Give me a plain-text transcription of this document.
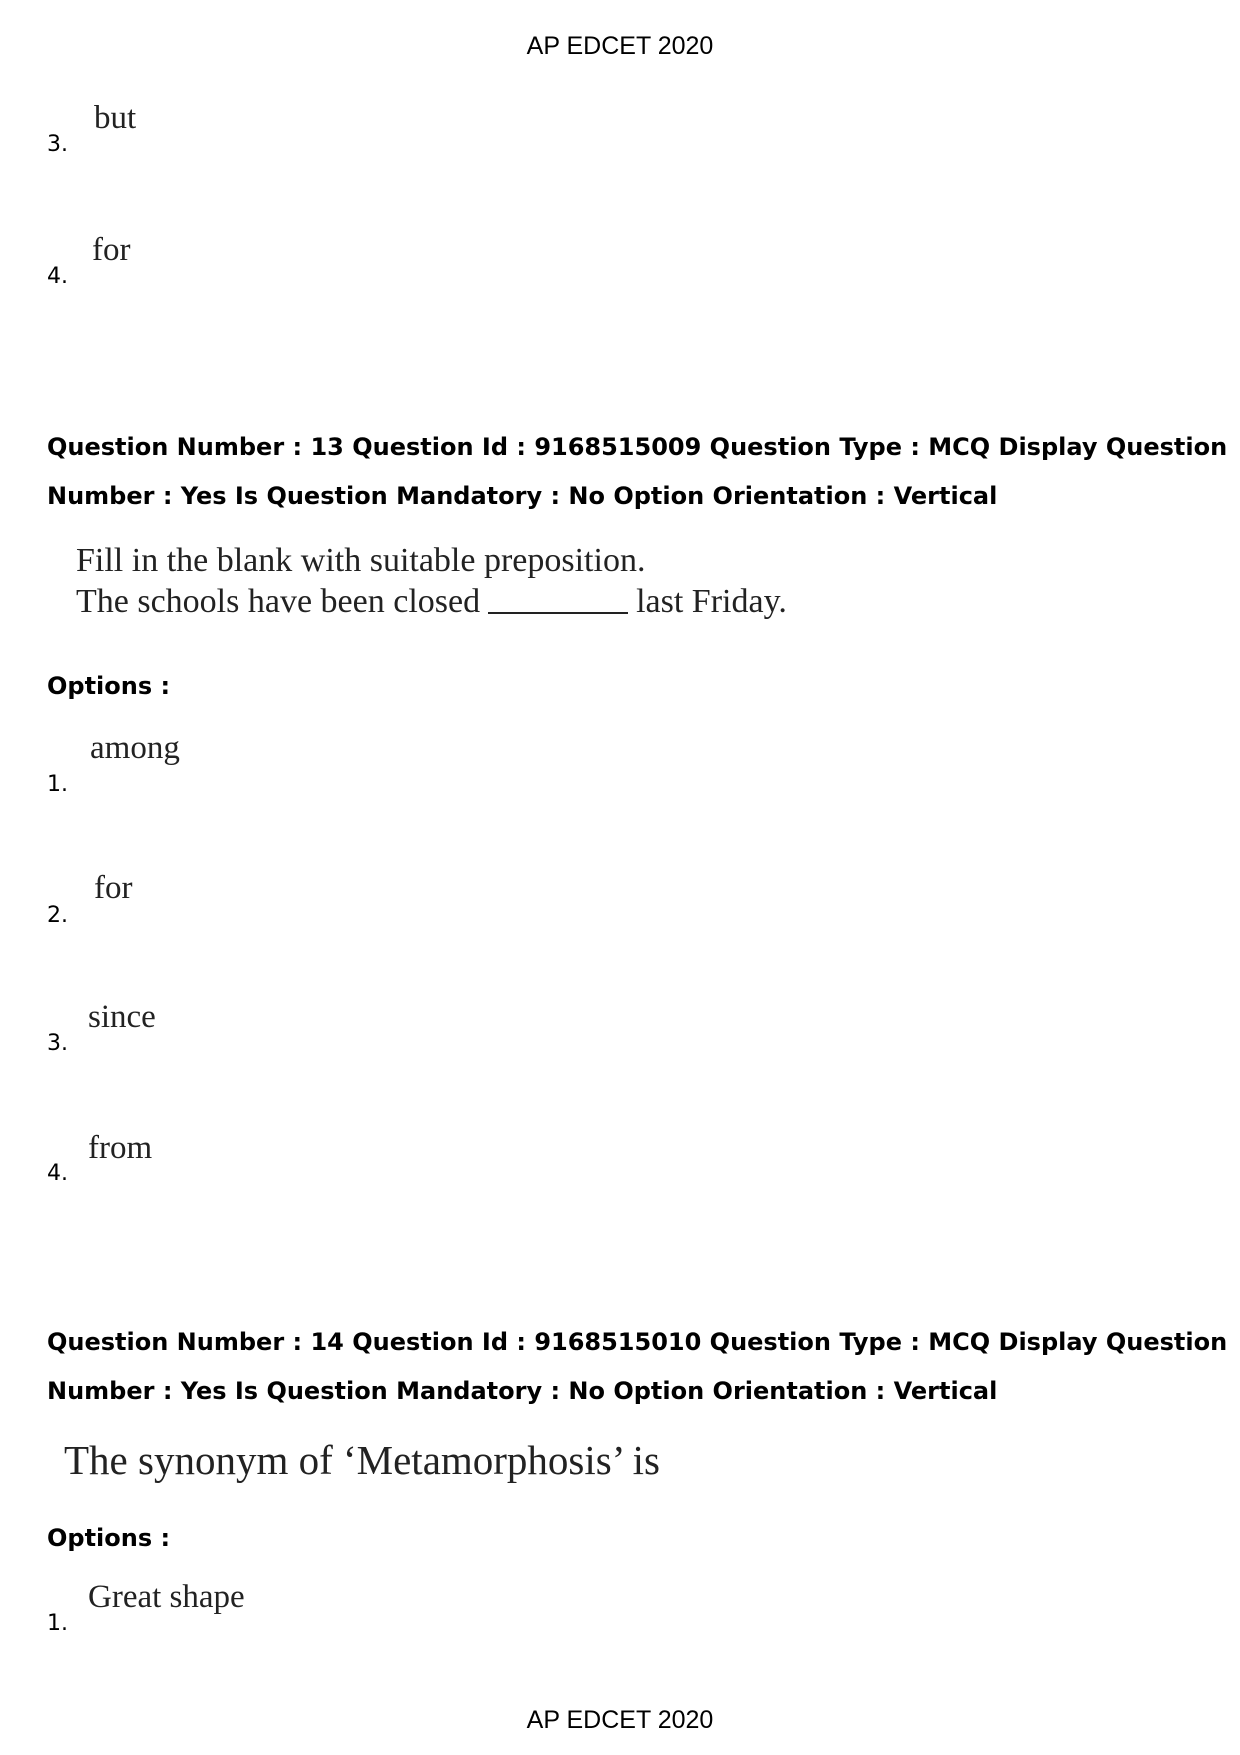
AP EDCET 2020
but
3.
for
4.
Question Number : 13 Question Id : 9168515009 Question Type : MCQ Display Question
Number : Yes Is Question Mandatory : No Option Orientation : Vertical
Fill in the blank with suitable preposition.
The schools have been closed	last Friday.
Options :
among
1.
for
2.
since
3.
from
4.
Question Number : 14 Question Id : 9168515010 Question Type : MCQ Display Question
Number : Yes Is Question Mandatory : No Option Orientation : Vertical
The synonym of ‘Metamorphosis’ is
Options :
Great shape
1.
AP EDCET 2020
